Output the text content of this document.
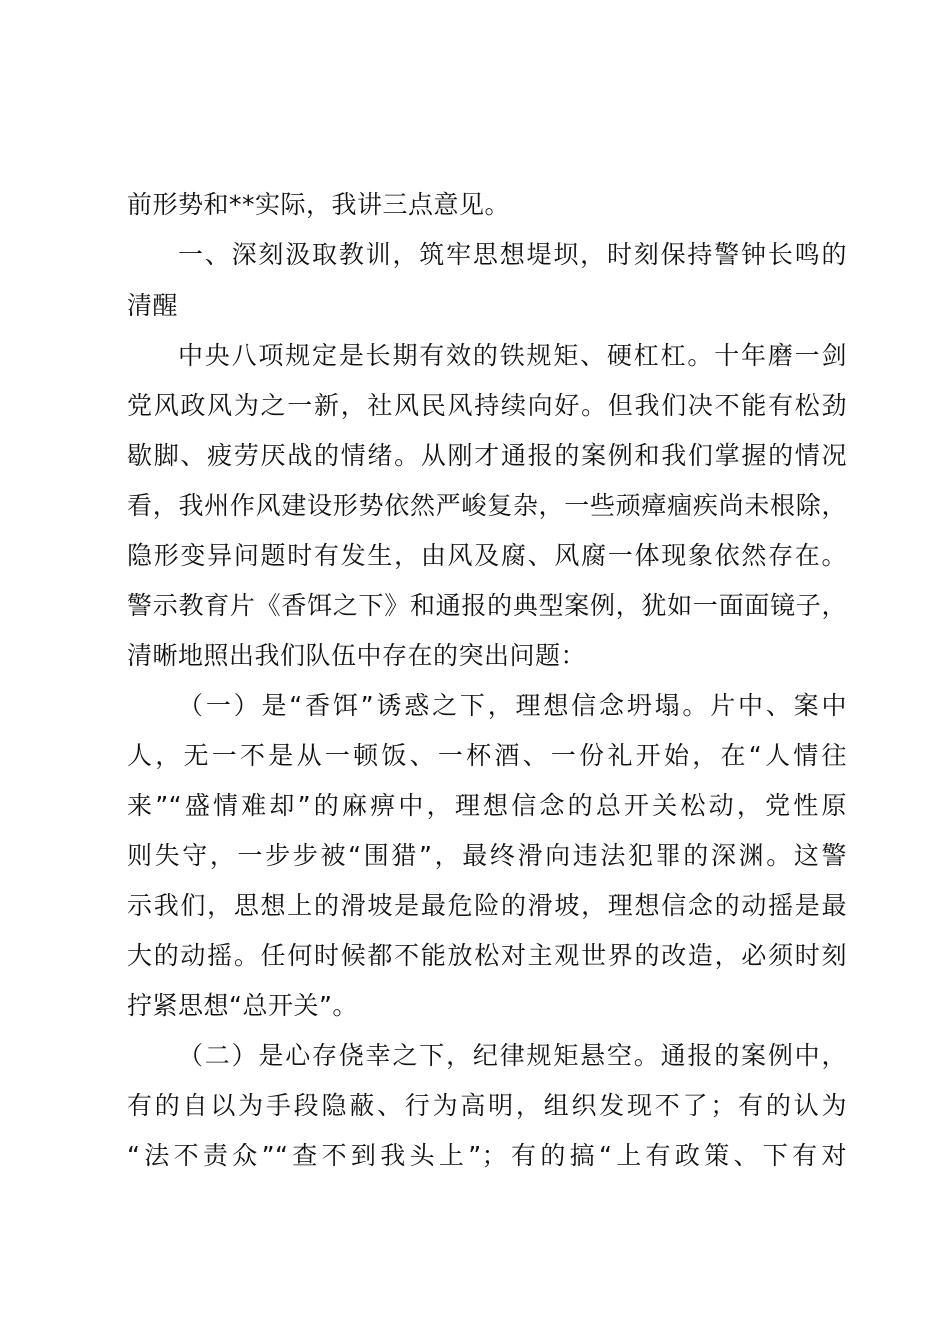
前形势和**实际，我讲三点意见。
一、深刻汲取教训，筑牢思想堤坝，时刻保持警钟长鸣的
清醒
中央八项规定是长期有效的铁规矩、硬杠杠。十年磨一剑
党风政风为之一新，社风民风持续向好。但我们决不能有松劲
歇脚、疲劳厌战的情绪。从刚才通报的案例和我们掌握的情况
看，我州作风建设形势依然严峻复杂，一些顽瘴痼疾尚未根除，
隐形变异问题时有发生，由风及腐、风腐一体现象依然存在。
警示教育片《香饵之下》和通报的典型案例，犹如一面面镜子，
清晰地照出我们队伍中存在的突出问题：
（一）是“香饵”诱惑之下，理想信念坍塌。片中、案中
人，无一不是从一顿饭、一杯酒、一份礼开始，在“人情往
来”“盛情难却”的麻痹中，理想信念的总开关松动，党性原
则失守，一步步被“围猎”，最终滑向违法犯罪的深渊。这警
示我们，思想上的滑坡是最危险的滑坡，理想信念的动摇是最
大的动摇。任何时候都不能放松对主观世界的改造，必须时刻
拧紧思想“总开关”。
（二）是心存侥幸之下，纪律规矩悬空。通报的案例中，
有的自以为手段隐蔽、行为高明，组织发现不了；有的认为
“法不责众”“查不到我头上”；有的搞“上有政策、下有对
